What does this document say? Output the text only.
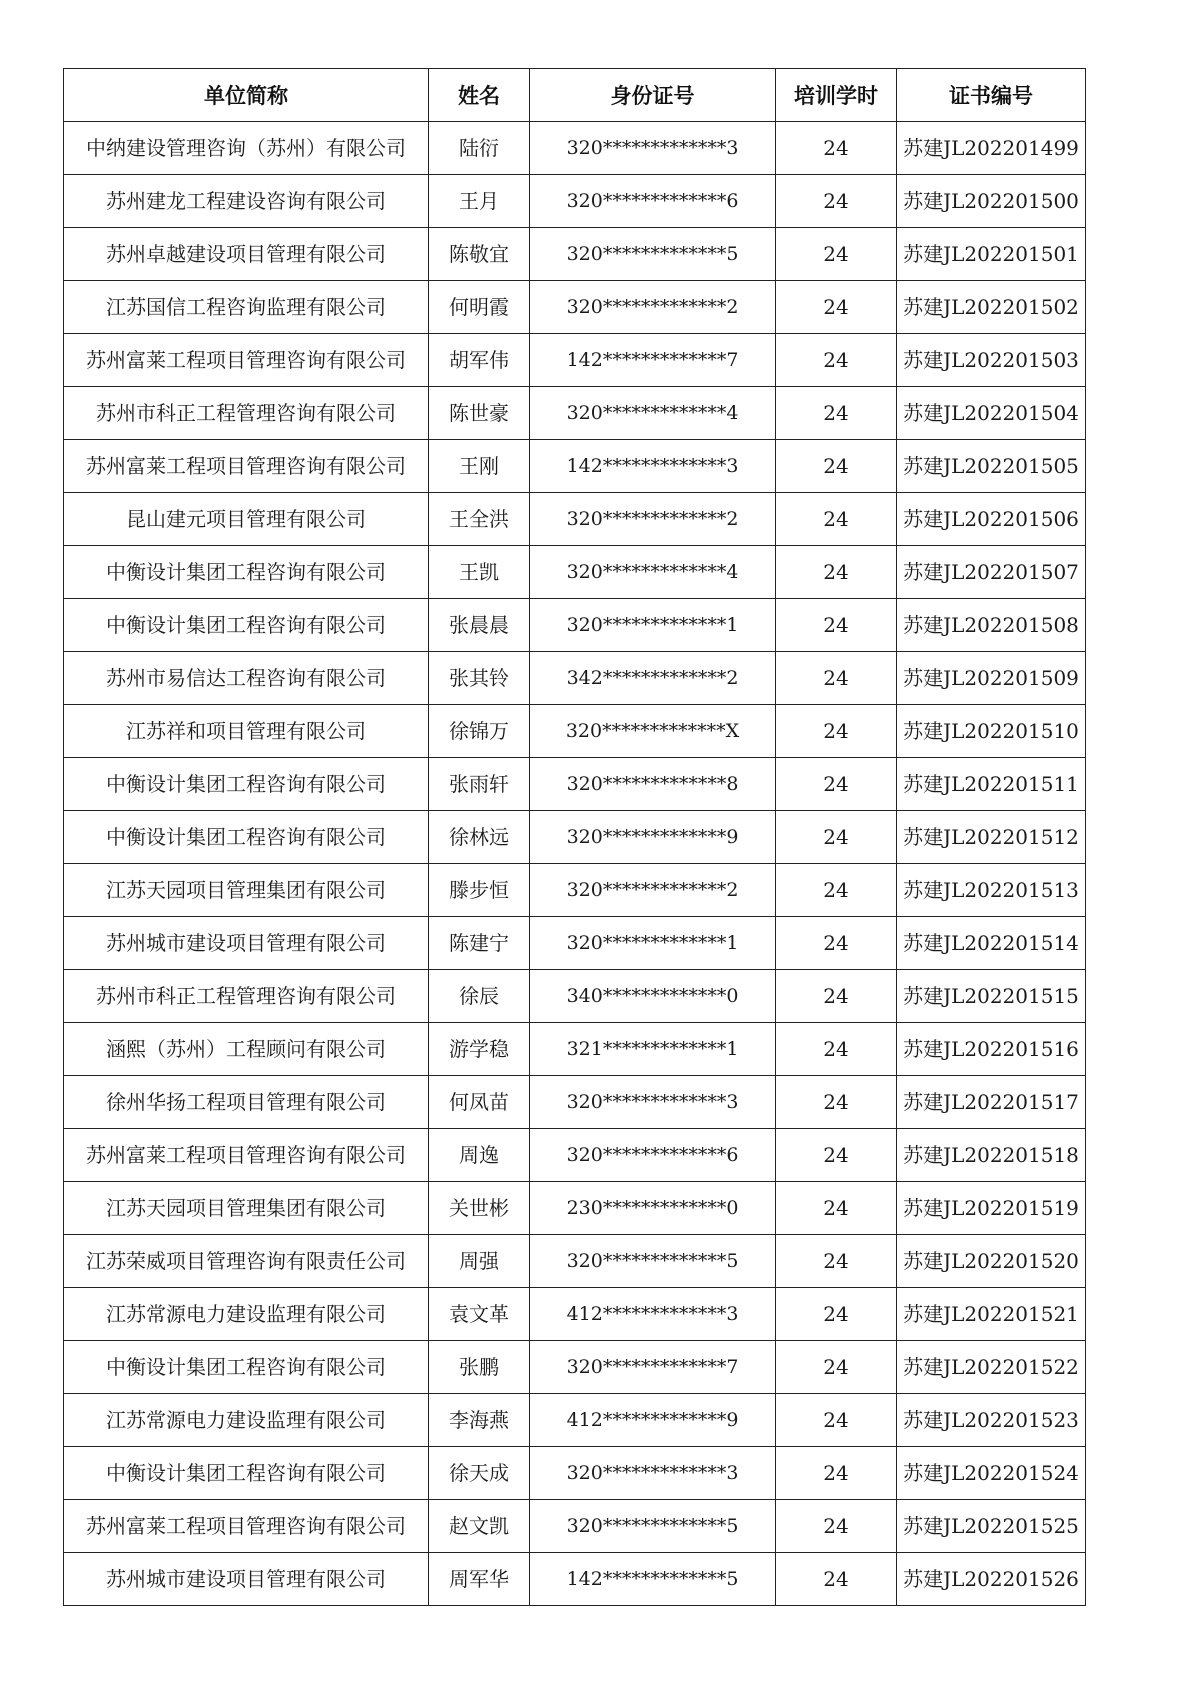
单位简称	姓名	身份证号	培训学时	证书编号
中纳建设管理咨询（苏州）有限公司	陆衍	320*************3	24	苏建JL202201499
苏州建龙工程建设咨询有限公司	王月	320*************6	24	苏建JL202201500
苏州卓越建设项目管理有限公司	陈敬宜	320*************5	24	苏建JL202201501
江苏国信工程咨询监理有限公司	何明霞	320*************2	24	苏建JL202201502
苏州富莱工程项目管理咨询有限公司	胡军伟	142*************7	24	苏建JL202201503
苏州市科正工程管理咨询有限公司	陈世豪	320*************4	24	苏建JL202201504
苏州富莱工程项目管理咨询有限公司	王刚	142*************3	24	苏建JL202201505
昆山建元项目管理有限公司	王全洪	320*************2	24	苏建JL202201506
中衡设计集团工程咨询有限公司	王凯	320*************4	24	苏建JL202201507
中衡设计集团工程咨询有限公司	张晨晨	320*************1	24	苏建JL202201508
苏州市易信达工程咨询有限公司	张其铃	342*************2	24	苏建JL202201509
江苏祥和项目管理有限公司	徐锦万	320*************X	24	苏建JL202201510
中衡设计集团工程咨询有限公司	张雨轩	320*************8	24	苏建JL202201511
中衡设计集团工程咨询有限公司	徐林远	320*************9	24	苏建JL202201512
江苏天园项目管理集团有限公司	滕步恒	320*************2	24	苏建JL202201513
苏州城市建设项目管理有限公司	陈建宁	320*************1	24	苏建JL202201514
苏州市科正工程管理咨询有限公司	徐辰	340*************0	24	苏建JL202201515
涵熙（苏州）工程顾问有限公司	游学稳	321*************1	24	苏建JL202201516
徐州华扬工程项目管理有限公司	何凤苗	320*************3	24	苏建JL202201517
苏州富莱工程项目管理咨询有限公司	周逸	320*************6	24	苏建JL202201518
江苏天园项目管理集团有限公司	关世彬	230*************0	24	苏建JL202201519
江苏荣威项目管理咨询有限责任公司	周强	320*************5	24	苏建JL202201520
江苏常源电力建设监理有限公司	袁文革	412*************3	24	苏建JL202201521
中衡设计集团工程咨询有限公司	张鹏	320*************7	24	苏建JL202201522
江苏常源电力建设监理有限公司	李海燕	412*************9	24	苏建JL202201523
中衡设计集团工程咨询有限公司	徐天成	320*************3	24	苏建JL202201524
苏州富莱工程项目管理咨询有限公司	赵文凯	320*************5	24	苏建JL202201525
苏州城市建设项目管理有限公司	周军华	142*************5	24	苏建JL202201526
